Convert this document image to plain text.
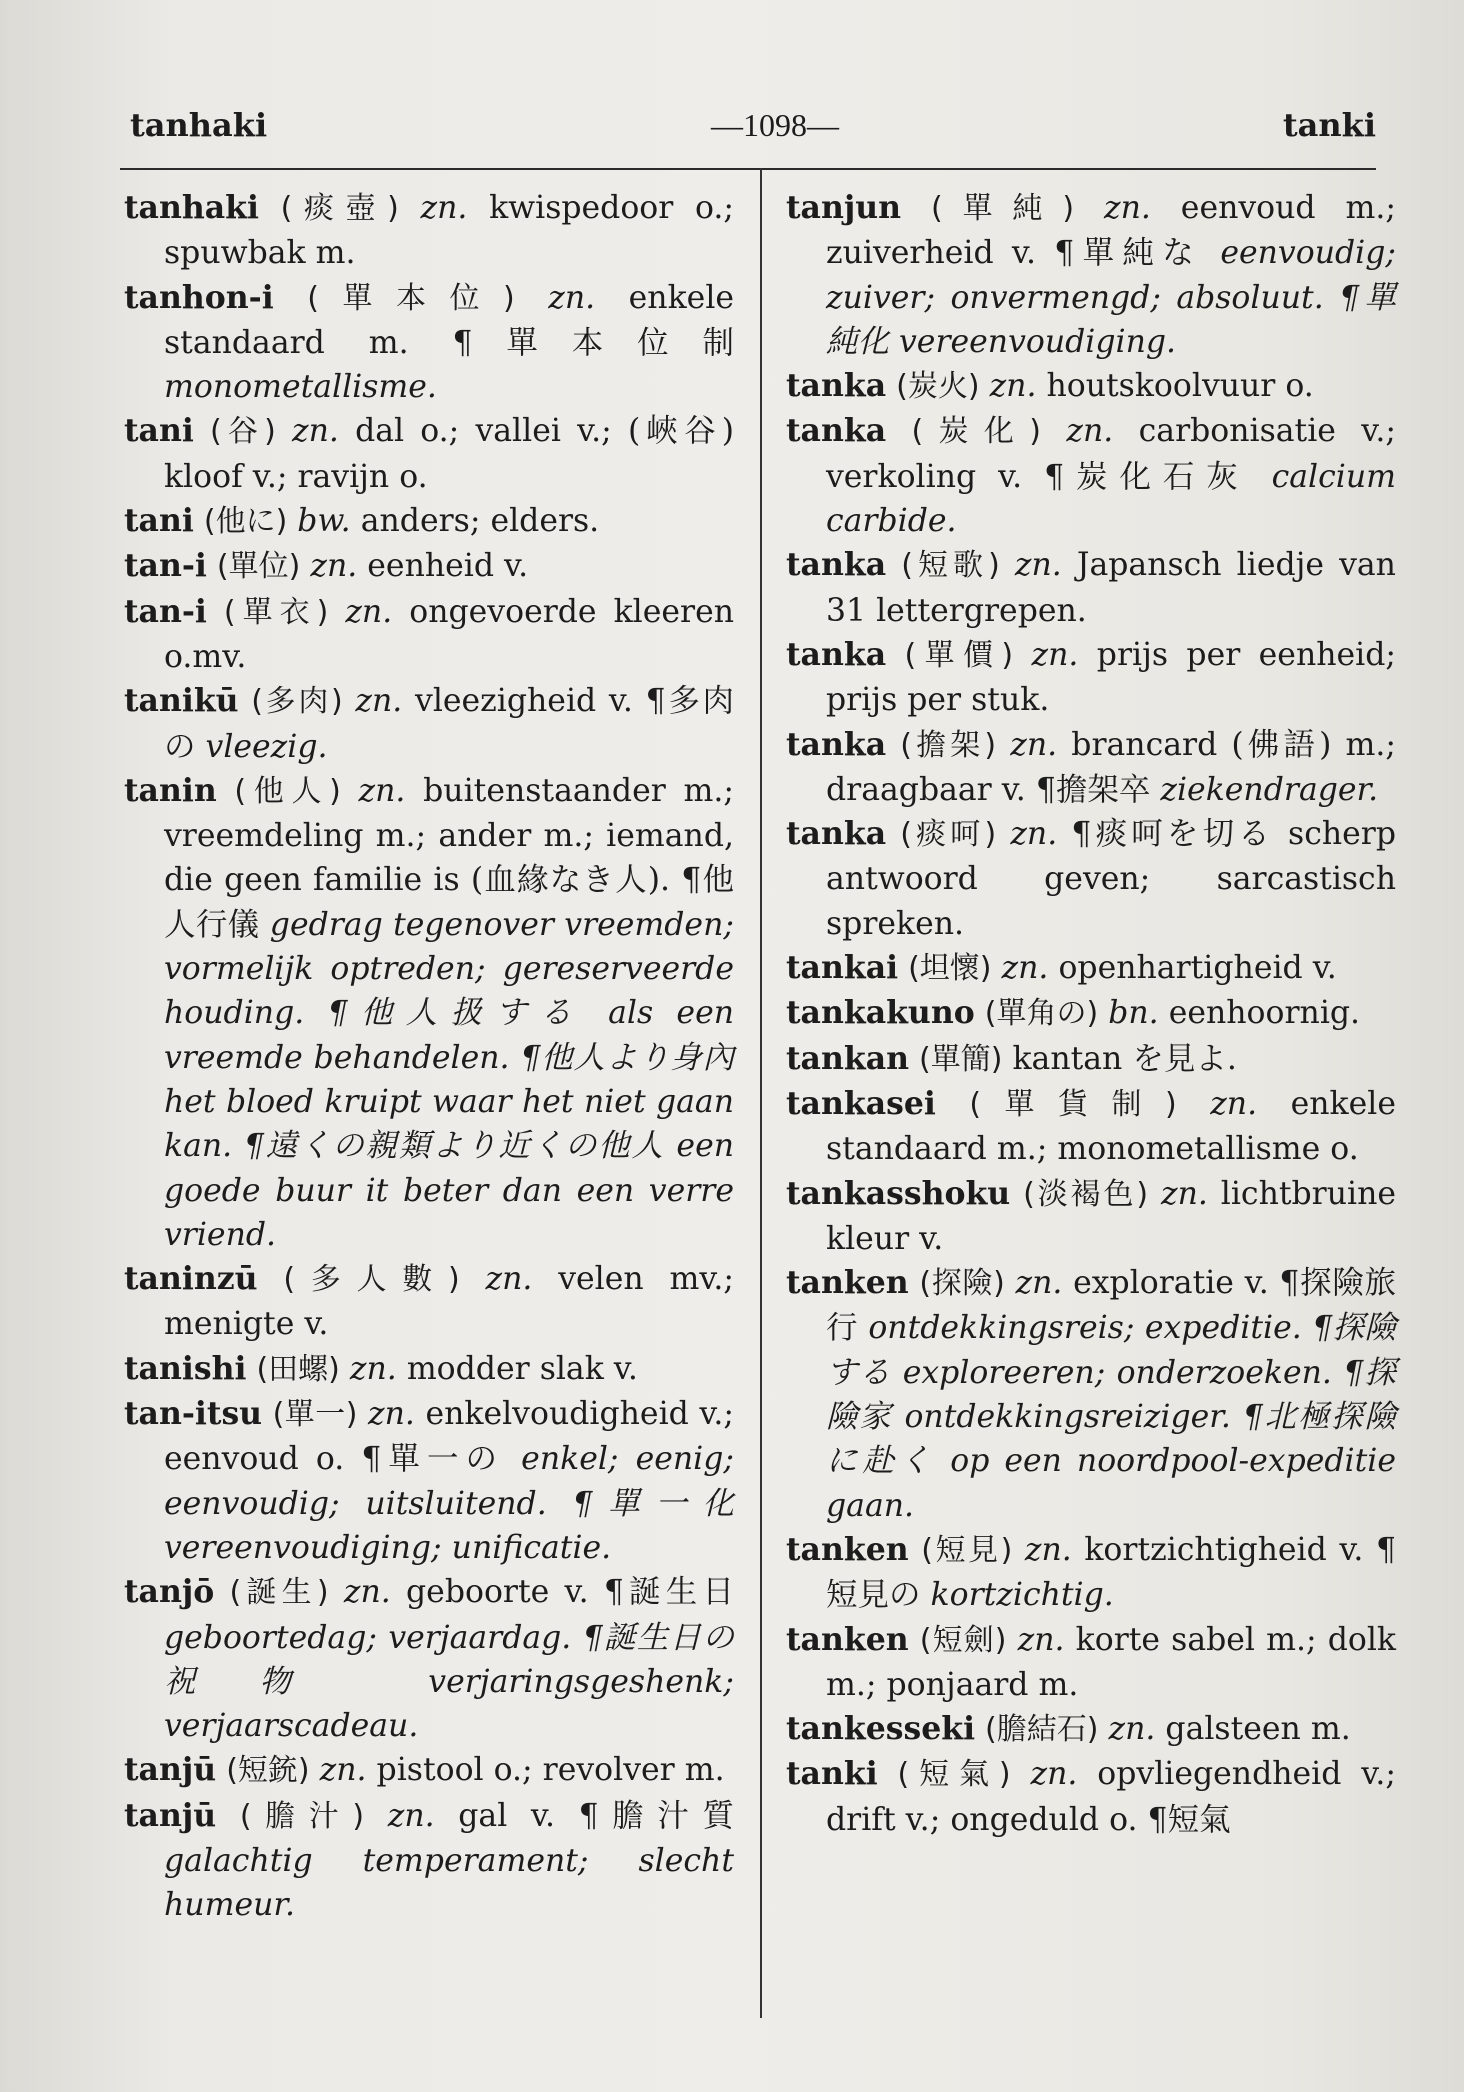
tanhaki	—1098—	tanki

tanhaki (痰壺) zn. kwispedoor o.; spuwbak m.

tanhon-i (單本位) zn. enkele standaard m. ¶單本位制 monometallisme.

tani (谷) zn. dal o.; vallei v.; (峽谷) kloof v.; ravijn o.

tani (他に) bw. anders; elders.

tan-i (單位) zn. eenheid v.

tan-i (單衣) zn. ongevoerde kleeren o.mv.

tanikū (多肉) zn. vleezigheid v. ¶多肉の vleezig.

tanin (他人) zn. buitenstaander m.; vreemdeling m.; ander m.; iemand, die geen familie is (血緣なき人). ¶他人行儀 gedrag tegenover vreemden; vormelijk optreden; gereserveerde houding. ¶他人扱する als een vreemde behandelen. ¶他人より身內 het bloed kruipt waar het niet gaan kan. ¶遠くの親類より近くの他人 een goede buur it beter dan een verre vriend.

taninzū (多人數) zn. velen mv.; menigte v.

tanishi (田螺) zn. modder slak v.

tan-itsu (單一) zn. enkelvoudigheid v.; eenvoud o. ¶單一の enkel; eenig; eenvoudig; uitsluitend. ¶單一化 vereenvoudiging; unificatie.

tanjō (誕生) zn. geboorte v. ¶誕生日 geboortedag; verjaardag. ¶誕生日の祝物 verjaringsgeshenk; verjaarscadeau.

tanjū (短銃) zn. pistool o.; revolver m.

tanjū (膽汁) zn. gal v. ¶膽汁質 galachtig temperament; slecht humeur.

tanjun (單純) zn. eenvoud m.; zuiverheid v. ¶單純な eenvoudig; zuiver; onvermengd; absoluut. ¶單純化 vereenvoudiging.

tanka (炭火) zn. houtskoolvuur o.

tanka (炭化) zn. carbonisatie v.; verkoling v. ¶炭化石灰 calcium carbide.

tanka (短歌) zn. Japansch liedje van 31 lettergrepen.

tanka (單價) zn. prijs per eenheid; prijs per stuk.

tanka (擔架) zn. brancard (佛語) m.; draagbaar v. ¶擔架卒 ziekendrager.

tanka (痰呵) zn. ¶痰呵を切る scherp antwoord geven; sarcastisch spreken.

tankai (坦懷) zn. openhartigheid v.

tankakuno (單角の) bn. eenhoornig.

tankan (單簡) kantan を見よ.

tankasei (單貨制) zn. enkele standaard m.; monometallisme o.

tankasshoku (淡褐色) zn. lichtbruine kleur v.

tanken (探險) zn. exploratie v. ¶探險旅行 ontdekkingsreis; expeditie. ¶探險する exploreeren; onderzoeken. ¶探險家 ontdekkingsreiziger. ¶北極探險に赴く op een noordpool-expeditie gaan.

tanken (短見) zn. kortzichtigheid v. ¶短見の kortzichtig.

tanken (短劍) zn. korte sabel m.; dolk m.; ponjaard m.

tankesseki (膽結石) zn. galsteen m.

tanki (短氣) zn. opvliegendheid v.; drift v.; ongeduld o. ¶短氣
